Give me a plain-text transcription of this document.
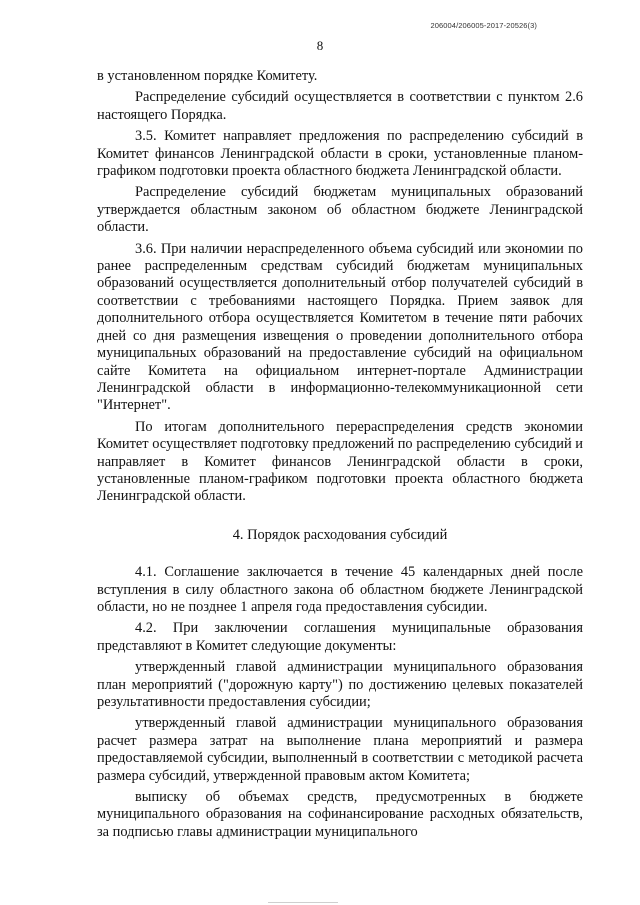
206004/206005-2017-20526(3)
8

в установленном порядке Комитету.

Распределение субсидий осуществляется в соответствии с пунктом 2.6 настоящего Порядка.

3.5. Комитет направляет предложения по распределению субсидий в Комитет финансов Ленинградской области в сроки, установленные планом-графиком подготовки проекта областного бюджета Ленинградской области.

Распределение субсидий бюджетам муниципальных образований утверждается областным законом об областном бюджете Ленинградской области.

3.6. При наличии нераспределенного объема субсидий или экономии по ранее распределенным средствам субсидий бюджетам муниципальных образований осуществляется дополнительный отбор получателей субсидий в соответствии с требованиями настоящего Порядка. Прием заявок для дополнительного отбора осуществляется Комитетом в течение пяти рабочих дней со дня размещения извещения о проведении дополнительного отбора муниципальных образований на предоставление субсидий на официальном сайте Комитета на официальном интернет-портале Администрации Ленинградской области в информационно-телекоммуникационной сети "Интернет".

По итогам дополнительного перераспределения средств экономии Комитет осуществляет подготовку предложений по распределению субсидий и направляет в Комитет финансов Ленинградской области в сроки, установленные планом-графиком подготовки проекта областного бюджета Ленинградской области.

4. Порядок расходования субсидий

4.1. Соглашение заключается в течение 45 календарных дней после вступления в силу областного закона об областном бюджете Ленинградской области, но не позднее 1 апреля года предоставления субсидии.

4.2. При заключении соглашения муниципальные образования представляют в Комитет следующие документы:

утвержденный главой администрации муниципального образования план мероприятий ("дорожную карту") по достижению целевых показателей результативности предоставления субсидии;

утвержденный главой администрации муниципального образования расчет размера затрат на выполнение плана мероприятий и размера предоставляемой субсидии, выполненный в соответствии с методикой расчета размера субсидий, утвержденной правовым актом Комитета;

выписку об объемах средств, предусмотренных в бюджете муниципального образования на софинансирование расходных обязательств, за подписью главы администрации муниципального
